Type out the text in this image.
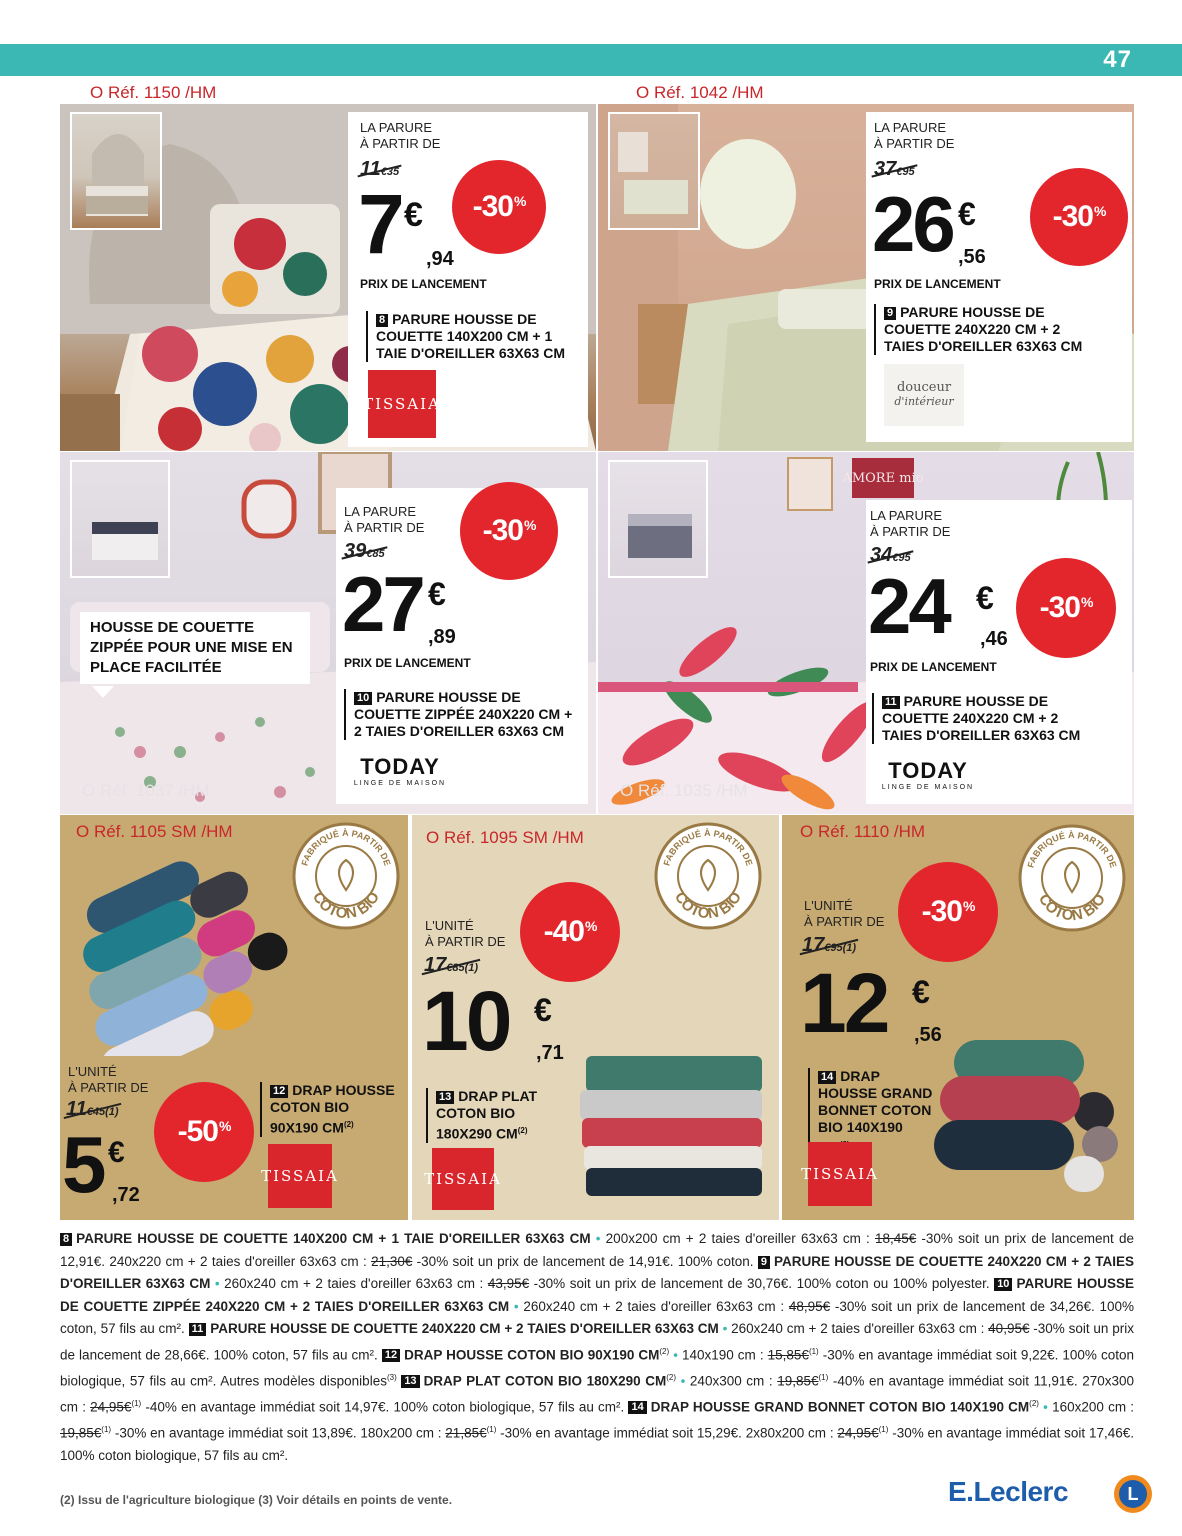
47
O Réf. 1150 /HM
LA PARURE
À PARTIR DE
11€35
7 €
,94
PRIX DE LANCEMENT
8 PARURE HOUSSE DE COUETTE 140X200 CM + 1 TAIE D'OREILLER 63X63 CM
TISSAIA
-30 %
O Réf. 1042 /HM
LA PARURE
À PARTIR DE
37€95
26 €
,56
PRIX DE LANCEMENT
9 PARURE HOUSSE DE COUETTE 240X220 CM + 2 TAIES D'OREILLER 63X63 CM
douceur
d'intérieur
-30 %
O Réf. 1037 /HM
HOUSSE DE COUETTE ZIPPÉE POUR UNE MISE EN PLACE FACILITÉE
LA PARURE
À PARTIR DE
39€85
27 €
,89
PRIX DE LANCEMENT
10 PARURE HOUSSE DE COUETTE ZIPPÉE 240X220 CM + 2 TAIES D'OREILLER 63X63 CM
TODAY
LINGE DE MAISON
-30 %
AMORE mio
O Réf. 1035 /HM
LA PARURE
À PARTIR DE
34€95
24 €
,46
PRIX DE LANCEMENT
11 PARURE HOUSSE DE COUETTE 240X220 CM + 2 TAIES D'OREILLER 63X63 CM
TODAY
LINGE DE MAISON
-30 %
O Réf. 1105 SM /HM
FABRIQUÉ À PARTIR DE
COTON BIO
L'UNITÉ
À PARTIR DE
11€45(1)
5 €
,72
-50 %
12 DRAP HOUSSE COTON BIO 90X190 CM$^{(2)}$
TISSAIA
O Réf. 1095 SM /HM
FABRIQUÉ À PARTIR DE
COTON BIO
L'UNITÉ
À PARTIR DE
17€85(1)
10 €
,71
-40 %
13 DRAP PLAT COTON BIO 180X290 CM$^{(2)}$
TISSAIA
O Réf. 1110 /HM
FABRIQUÉ À PARTIR DE
COTON BIO
L'UNITÉ
À PARTIR DE
17€95(1)
12 €
,56
-30 %
14 DRAP HOUSSE GRAND BONNET COTON BIO 140X190
TISSAIA
8 PARURE HOUSSE DE COUETTE 140X200 CM + 1 TAIE D'OREILLER 63X63 CM • 200x200 cm + 2 taies d'oreiller 63x63 cm : 18,45€ -30% soit un prix de lancement de 12,91€. 240x220 cm + 2 taies d'oreiller 63x63 cm : 21,30€ -30% soit un prix de lancement de 14,91€. 100% coton. 9 PARURE HOUSSE DE COUETTE 240X220 CM + 2 TAIES D'OREILLER 63X63 CM • 260x240 cm + 2 taies d'oreiller 63x63 cm : 43,95€ -30% soit un prix de lancement de 30,76€. 100% coton ou 100% polyester. 10 PARURE HOUSSE DE COUETTE ZIPPÉE 240X220 CM + 2 TAIES D'OREILLER 63X63 CM • 260x240 cm + 2 taies d'oreiller 63x63 cm : 48,95€ -30% soit un prix de lancement de 34,26€. 100% coton, 57 fils au cm². 11 PARURE HOUSSE DE COUETTE 240X220 CM + 2 TAIES D'OREILLER 63X63 CM • 260x240 cm + 2 taies d'oreiller 63x63 cm : 40,95€ -30% soit un prix de lancement de 28,66€. 100% coton, 57 fils au cm². 12 DRAP HOUSSE COTON BIO 90X190 CM$^{(2)}$ • 140x190 cm : 15,85€$^{(1)}$ -30% en avantage immédiat soit 9,22€. 100% coton biologique, 57 fils au cm². Autres modèles disponibles$^{(3)}$ 13 DRAP PLAT COTON BIO 180X290 CM$^{(2)}$ • 240x300 cm : 19,85€$^{(1)}$ -40% en avantage immédiat soit 11,91€. 270x300 cm : 24,95€$^{(1)}$ -40% en avantage immédiat soit 14,97€. 100% coton biologique, 57 fils au cm². 14 DRAP HOUSSE GRAND BONNET COTON BIO 140X190 CM$^{(2)}$ • 160x200 cm : 19,85€$^{(1)}$ -30% en avantage immédiat soit 13,89€. 180x200 cm : 21,85€$^{(1)}$ -30% en avantage immédiat soit 15,29€. 2x80x200 cm : 24,95€$^{(1)}$ -30% en avantage immédiat soit 17,46€. 100% coton biologique, 57 fils au cm².
(2) Issu de l'agriculture biologique (3) Voir détails en points de vente.	E.Leclerc	L
